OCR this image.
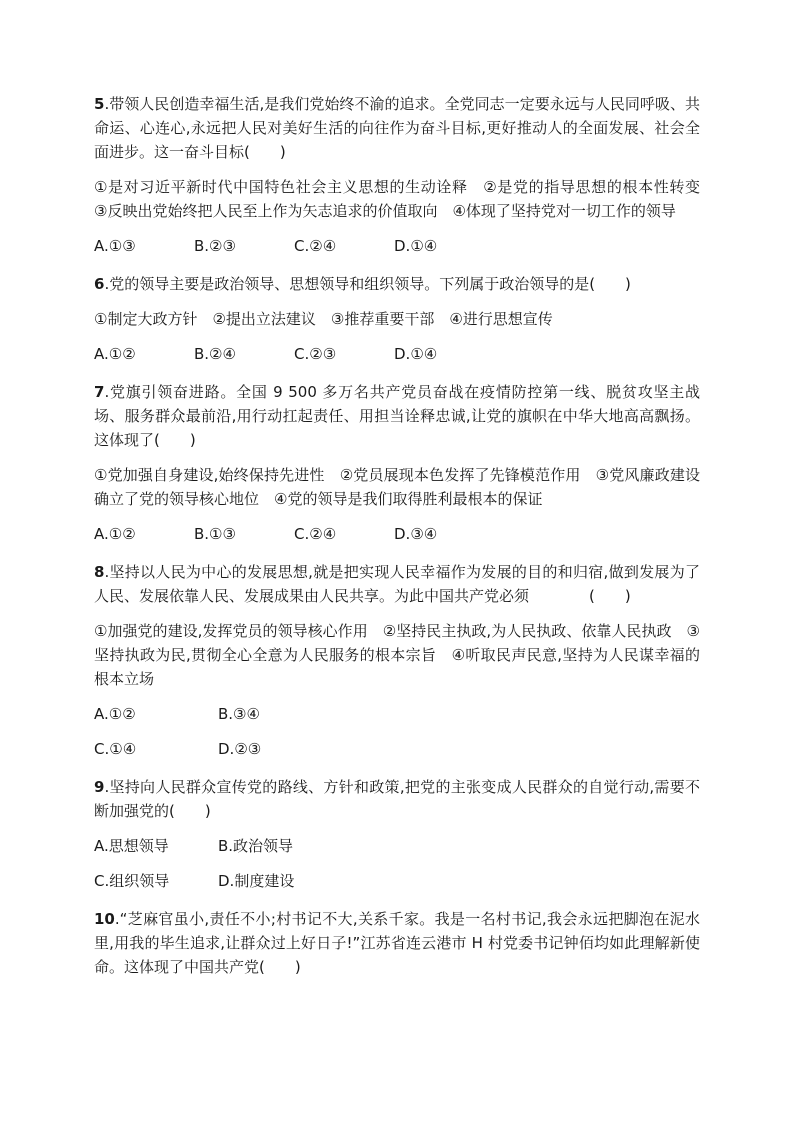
5.带领人民创造幸福生活,是我们党始终不渝的追求。全党同志一定要永远与人民同呼吸、共命运、心连心,永远把人民对美好生活的向往作为奋斗目标,更好推动人的全面发展、社会全面进步。这一奋斗目标(　　)

①是对习近平新时代中国特色社会主义思想的生动诠释　②是党的指导思想的根本性转变　③反映出党始终把人民至上作为矢志追求的价值取向　④体现了坚持党对一切工作的领导

A.①③	B.②③	C.②④	D.①④

6.党的领导主要是政治领导、思想领导和组织领导。下列属于政治领导的是(　　)

①制定大政方针　②提出立法建议　③推荐重要干部　④进行思想宣传

A.①②	B.②④	C.②③	D.①④

7.党旗引领奋进路。全国 9 500 多万名共产党员奋战在疫情防控第一线、脱贫攻坚主战场、服务群众最前沿,用行动扛起责任、用担当诠释忠诚,让党的旗帜在中华大地高高飘扬。这体现了(　　)

①党加强自身建设,始终保持先进性　②党员展现本色发挥了先锋模范作用　③党风廉政建设确立了党的领导核心地位　④党的领导是我们取得胜利最根本的保证

A.①②	B.①③	C.②④	D.③④

8.坚持以人民为中心的发展思想,就是把实现人民幸福作为发展的目的和归宿,做到发展为了人民、发展依靠人民、发展成果由人民共享。为此中国共产党必须　　　　(　　)

①加强党的建设,发挥党员的领导核心作用　②坚持民主执政,为人民执政、依靠人民执政　③坚持执政为民,贯彻全心全意为人民服务的根本宗旨　④听取民声民意,坚持为人民谋幸福的根本立场

A.①②	B.③④
C.①④	D.②③

9.坚持向人民群众宣传党的路线、方针和政策,把党的主张变成人民群众的自觉行动,需要不断加强党的(　　)

A.思想领导	B.政治领导
C.组织领导	D.制度建设

10.“芝麻官虽小,责任不小;村书记不大,关系千家。我是一名村书记,我会永远把脚泡在泥水里,用我的毕生追求,让群众过上好日子!”江苏省连云港市 H 村党委书记钟佰均如此理解新使命。这体现了中国共产党(　　)
